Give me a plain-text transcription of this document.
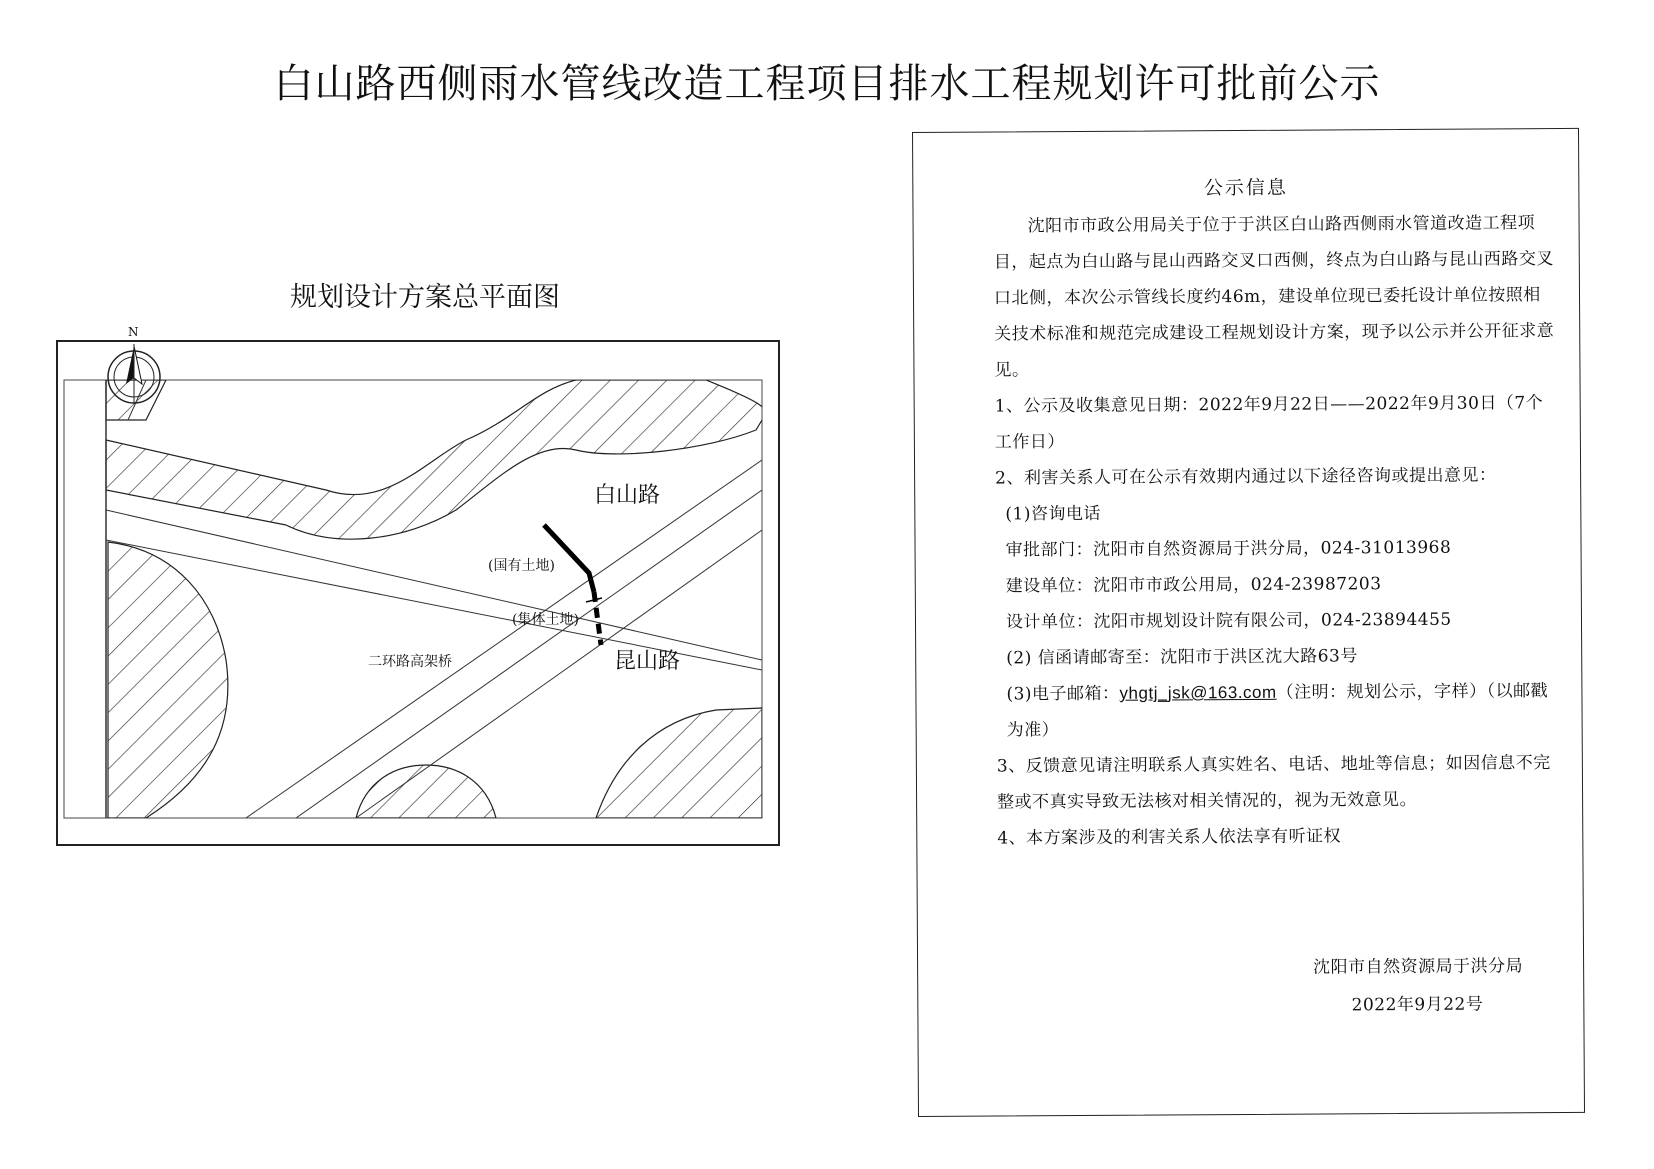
白山路西侧雨水管线改造工程项目排水工程规划许可批前公示
规划设计方案总平面图
N
白山路
昆山路
(国有土地)
(集体土地)
二环路高架桥
公示信息

沈阳市市政公用局关于位于于洪区白山路西侧雨水管道改造工程项目，起点为白山路与昆山西路交叉口西侧，终点为白山路与昆山西路交叉口北侧，本次公示管线长度约46m，建设单位现已委托设计单位按照相关技术标准和规范完成建设工程规划设计方案，现予以公示并公开征求意见。

1、公示及收集意见日期：2022年9月22日——2022年9月30日（7个工作日）

2、利害关系人可在公示有效期内通过以下途径咨询或提出意见：

(1)咨询电话

审批部门：沈阳市自然资源局于洪分局，024-31013968

建设单位：沈阳市市政公用局，024-23987203

设计单位：沈阳市规划设计院有限公司，024-23894455

(2) 信函请邮寄至：沈阳市于洪区沈大路63号

(3)电子邮箱：yhgtj_jsk@163.com（注明：规划公示，字样）（以邮戳为准）

3、反馈意见请注明联系人真实姓名、电话、地址等信息；如因信息不完整或不真实导致无法核对相关情况的，视为无效意见。

4、本方案涉及的利害关系人依法享有听证权

沈阳市自然资源局于洪分局
2022年9月22号
